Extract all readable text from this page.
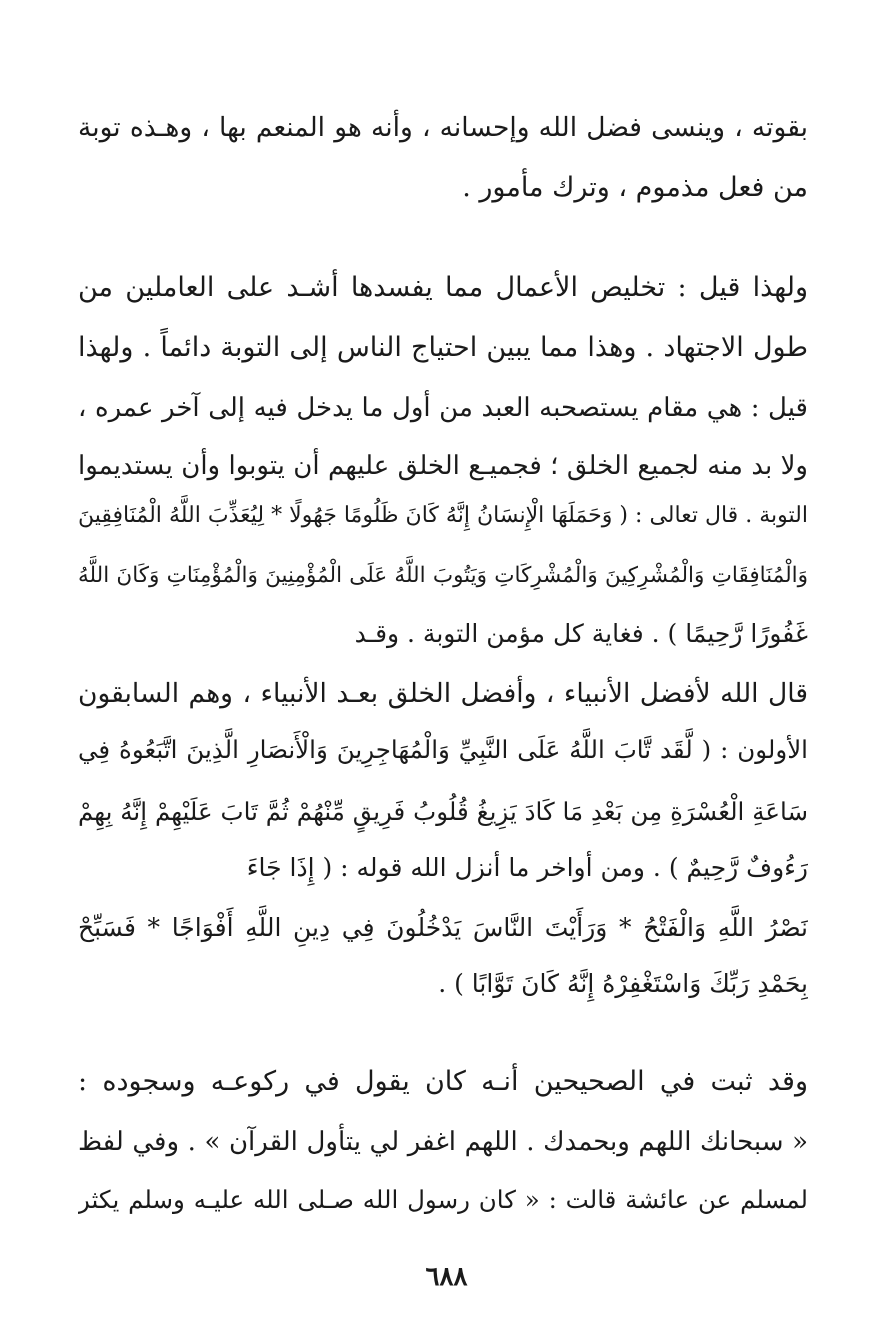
بقوته ، وينسى فضل الله وإحسانه ، وأنه هو المنعم بها ، وهـذه توبة
من فعل مذموم ، وترك مأمور .
ولهذا قيل : تخليص الأعمال مما يفسدها أشـد على العاملين من
طول الاجتهاد . وهذا مما يبين احتياج الناس إلى التوبة دائماً . ولهذا
قيل : هي مقام يستصحبه العبد من أول ما يدخل فيه إلى آخر عمره ،
ولا بد منه لجميع الخلق ؛ فجميـع الخلق عليهم أن يتوبوا وأن يستديموا
التوبة . قال تعالى : ( وَحَمَلَهَا الْإِنسَانُ إِنَّهُ كَانَ ظَلُومًا جَهُولًا * لِيُعَذِّبَ اللَّهُ الْمُنَافِقِينَ
وَالْمُنَافِقَاتِ وَالْمُشْرِكِينَ وَالْمُشْرِكَاتِ وَيَتُوبَ اللَّهُ عَلَى الْمُؤْمِنِينَ وَالْمُؤْمِنَاتِ وَكَانَ اللَّهُ
غَفُورًا رَّحِيمًا ) . فغاية كل مؤمن التوبة . وقـد
قال الله لأفضل الأنبياء ، وأفضل الخلق بعـد الأنبياء ، وهم السابقون
الأولون : ( لَّقَد تَّابَ اللَّهُ عَلَى النَّبِيِّ وَالْمُهَاجِرِينَ وَالْأَنصَارِ الَّذِينَ اتَّبَعُوهُ فِي
سَاعَةِ الْعُسْرَةِ مِن بَعْدِ مَا كَادَ يَزِيغُ قُلُوبُ فَرِيقٍ مِّنْهُمْ ثُمَّ تَابَ عَلَيْهِمْ إِنَّهُ بِهِمْ
رَءُوفٌ رَّحِيمٌ ) . ومن أواخر ما أنزل الله قوله : ( إِذَا جَاءَ
نَصْرُ اللَّهِ وَالْفَتْحُ * وَرَأَيْتَ النَّاسَ يَدْخُلُونَ فِي دِينِ اللَّهِ أَفْوَاجًا * فَسَبِّحْ
بِحَمْدِ رَبِّكَ وَاسْتَغْفِرْهُ إِنَّهُ كَانَ تَوَّابًا ) .
وقد ثبت في الصحيحين أنـه كان يقول في ركوعـه وسجوده :
« سبحانك اللهم وبحمدك . اللهم اغفر لي يتأول القرآن » . وفي لفظ
لمسلم عن عائشة قالت : « كان رسول الله صـلى الله عليـه وسلم يكثر
٦٨٨
